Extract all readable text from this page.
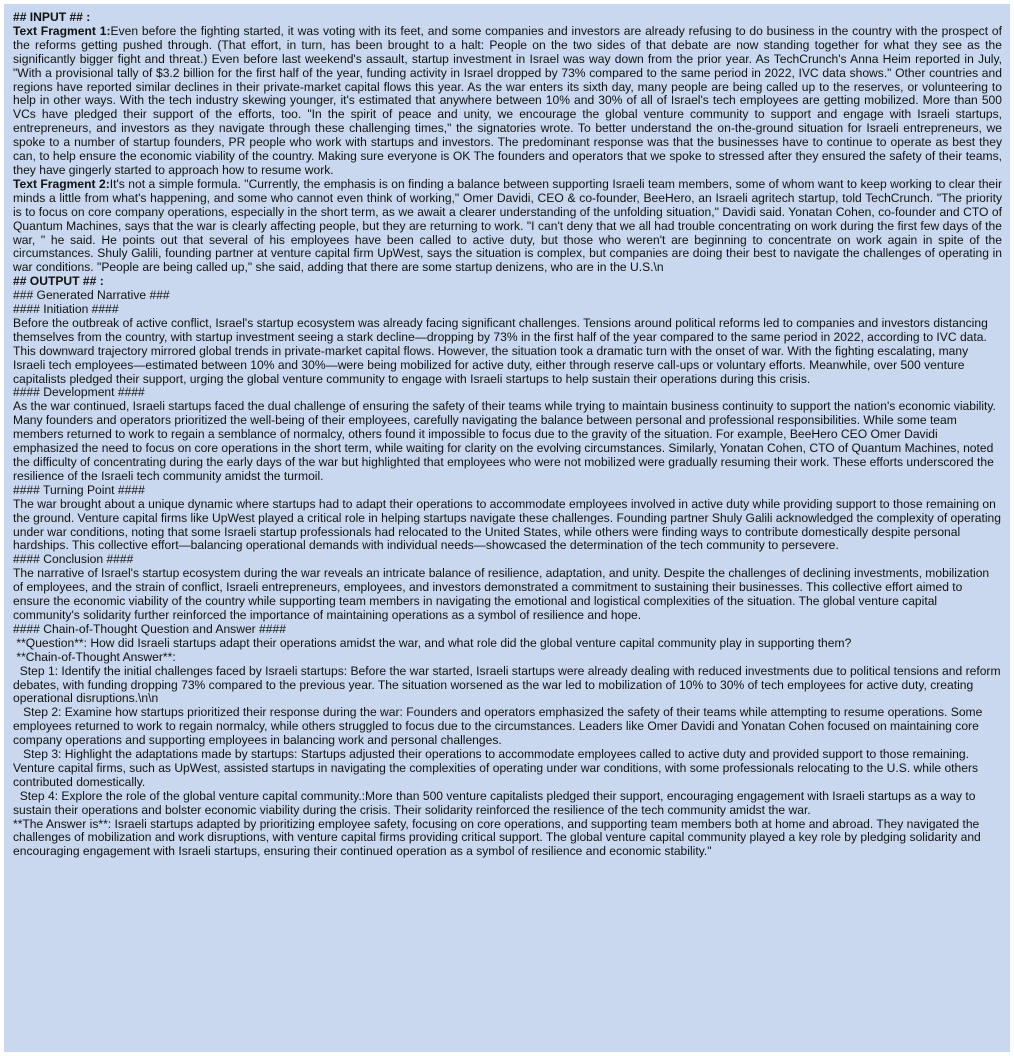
## INPUT ## :

Text Fragment 1:Even before the fighting started, it was voting with its feet, and some companies and investors are already refusing to do business in the country with the prospect of the reforms getting pushed through. (That effort, in turn, has been brought to a halt: People on the two sides of that debate are now standing together for what they see as the significantly bigger fight and threat.) Even before last weekend's assault, startup investment in Israel was way down from the prior year. As TechCrunch's Anna Heim reported in July, "With a provisional tally of $3.2 billion for the first half of the year, funding activity in Israel dropped by 73% compared to the same period in 2022, IVC data shows." Other countries and regions have reported similar declines in their private-market capital flows this year. As the war enters its sixth day, many people are being called up to the reserves, or volunteering to help in other ways. With the tech industry skewing younger, it's estimated that anywhere between 10% and 30% of all of Israel's tech employees are getting mobilized. More than 500 VCs have pledged their support of the efforts, too. "In the spirit of peace and unity, we encourage the global venture community to support and engage with Israeli startups, entrepreneurs, and investors as they navigate through these challenging times," the signatories wrote. To better understand the on-the-ground situation for Israeli entrepreneurs, we spoke to a number of startup founders, PR people who work with startups and investors. The predominant response was that the businesses have to continue to operate as best they can, to help ensure the economic viability of the country. Making sure everyone is OK The founders and operators that we spoke to stressed after they ensured the safety of their teams, they have gingerly started to approach how to resume work.

Text Fragment 2:It's not a simple formula. "Currently, the emphasis is on finding a balance between supporting Israeli team members, some of whom want to keep working to clear their minds a little from what's happening, and some who cannot even think of working," Omer Davidi, CEO & co-founder, BeeHero, an Israeli agritech startup, told TechCrunch. "The priority is to focus on core company operations, especially in the short term, as we await a clearer understanding of the unfolding situation," Davidi said. Yonatan Cohen, co-founder and CTO of Quantum Machines, says that the war is clearly affecting people, but they are returning to work. "I can't deny that we all had trouble concentrating on work during the first few days of the war, " he said. He points out that several of his employees have been called to active duty, but those who weren't are beginning to concentrate on work again in spite of the circumstances. Shuly Galili, founding partner at venture capital firm UpWest, says the situation is complex, but companies are doing their best to navigate the challenges of operating in war conditions. "People are being called up," she said, adding that there are some startup denizens, who are in the U.S.\n

## OUTPUT ## :

### Generated Narrative ###

#### Initiation ####

Before the outbreak of active conflict, Israel's startup ecosystem was already facing significant challenges. Tensions around political reforms led to companies and investors distancing themselves from the country, with startup investment seeing a stark decline—dropping by 73% in the first half of the year compared to the same period in 2022, according to IVC data. This downward trajectory mirrored global trends in private-market capital flows. However, the situation took a dramatic turn with the onset of war. With the fighting escalating, many Israeli tech employees—estimated between 10% and 30%—were being mobilized for active duty, either through reserve call-ups or voluntary efforts. Meanwhile, over 500 venture capitalists pledged their support, urging the global venture community to engage with Israeli startups to help sustain their operations during this crisis.

#### Development ####

As the war continued, Israeli startups faced the dual challenge of ensuring the safety of their teams while trying to maintain business continuity to support the nation's economic viability. Many founders and operators prioritized the well-being of their employees, carefully navigating the balance between personal and professional responsibilities. While some team members returned to work to regain a semblance of normalcy, others found it impossible to focus due to the gravity of the situation. For example, BeeHero CEO Omer Davidi emphasized the need to focus on core operations in the short term, while waiting for clarity on the evolving circumstances. Similarly, Yonatan Cohen, CTO of Quantum Machines, noted the difficulty of concentrating during the early days of the war but highlighted that employees who were not mobilized were gradually resuming their work. These efforts underscored the resilience of the Israeli tech community amidst the turmoil.

#### Turning Point ####

The war brought about a unique dynamic where startups had to adapt their operations to accommodate employees involved in active duty while providing support to those remaining on the ground. Venture capital firms like UpWest played a critical role in helping startups navigate these challenges. Founding partner Shuly Galili acknowledged the complexity of operating under war conditions, noting that some Israeli startup professionals had relocated to the United States, while others were finding ways to contribute domestically despite personal hardships. This collective effort—balancing operational demands with individual needs—showcased the determination of the tech community to persevere.

#### Conclusion ####

The narrative of Israel's startup ecosystem during the war reveals an intricate balance of resilience, adaptation, and unity. Despite the challenges of declining investments, mobilization of employees, and the strain of conflict, Israeli entrepreneurs, employees, and investors demonstrated a commitment to sustaining their businesses. This collective effort aimed to ensure the economic viability of the country while supporting team members in navigating the emotional and logistical complexities of the situation. The global venture capital community's solidarity further reinforced the importance of maintaining operations as a symbol of resilience and hope.

#### Chain-of-Thought Question and Answer ####

**Question**: How did Israeli startups adapt their operations amidst the war, and what role did the global venture capital community play in supporting them?

**Chain-of-Thought Answer**:

Step 1: Identify the initial challenges faced by Israeli startups: Before the war started, Israeli startups were already dealing with reduced investments due to political tensions and reform debates, with funding dropping 73% compared to the previous year. The situation worsened as the war led to mobilization of 10% to 30% of tech employees for active duty, creating operational disruptions.\n\n

Step 2: Examine how startups prioritized their response during the war: Founders and operators emphasized the safety of their teams while attempting to resume operations. Some employees returned to work to regain normalcy, while others struggled to focus due to the circumstances. Leaders like Omer Davidi and Yonatan Cohen focused on maintaining core company operations and supporting employees in balancing work and personal challenges.

Step 3: Highlight the adaptations made by startups: Startups adjusted their operations to accommodate employees called to active duty and provided support to those remaining. Venture capital firms, such as UpWest, assisted startups in navigating the complexities of operating under war conditions, with some professionals relocating to the U.S. while others contributed domestically.

Step 4: Explore the role of the global venture capital community.:More than 500 venture capitalists pledged their support, encouraging engagement with Israeli startups as a way to sustain their operations and bolster economic viability during the crisis. Their solidarity reinforced the resilience of the tech community amidst the war.

**The Answer is**: Israeli startups adapted by prioritizing employee safety, focusing on core operations, and supporting team members both at home and abroad. They navigated the challenges of mobilization and work disruptions, with venture capital firms providing critical support. The global venture capital community played a key role by pledging solidarity and encouraging engagement with Israeli startups, ensuring their continued operation as a symbol of resilience and economic stability."
